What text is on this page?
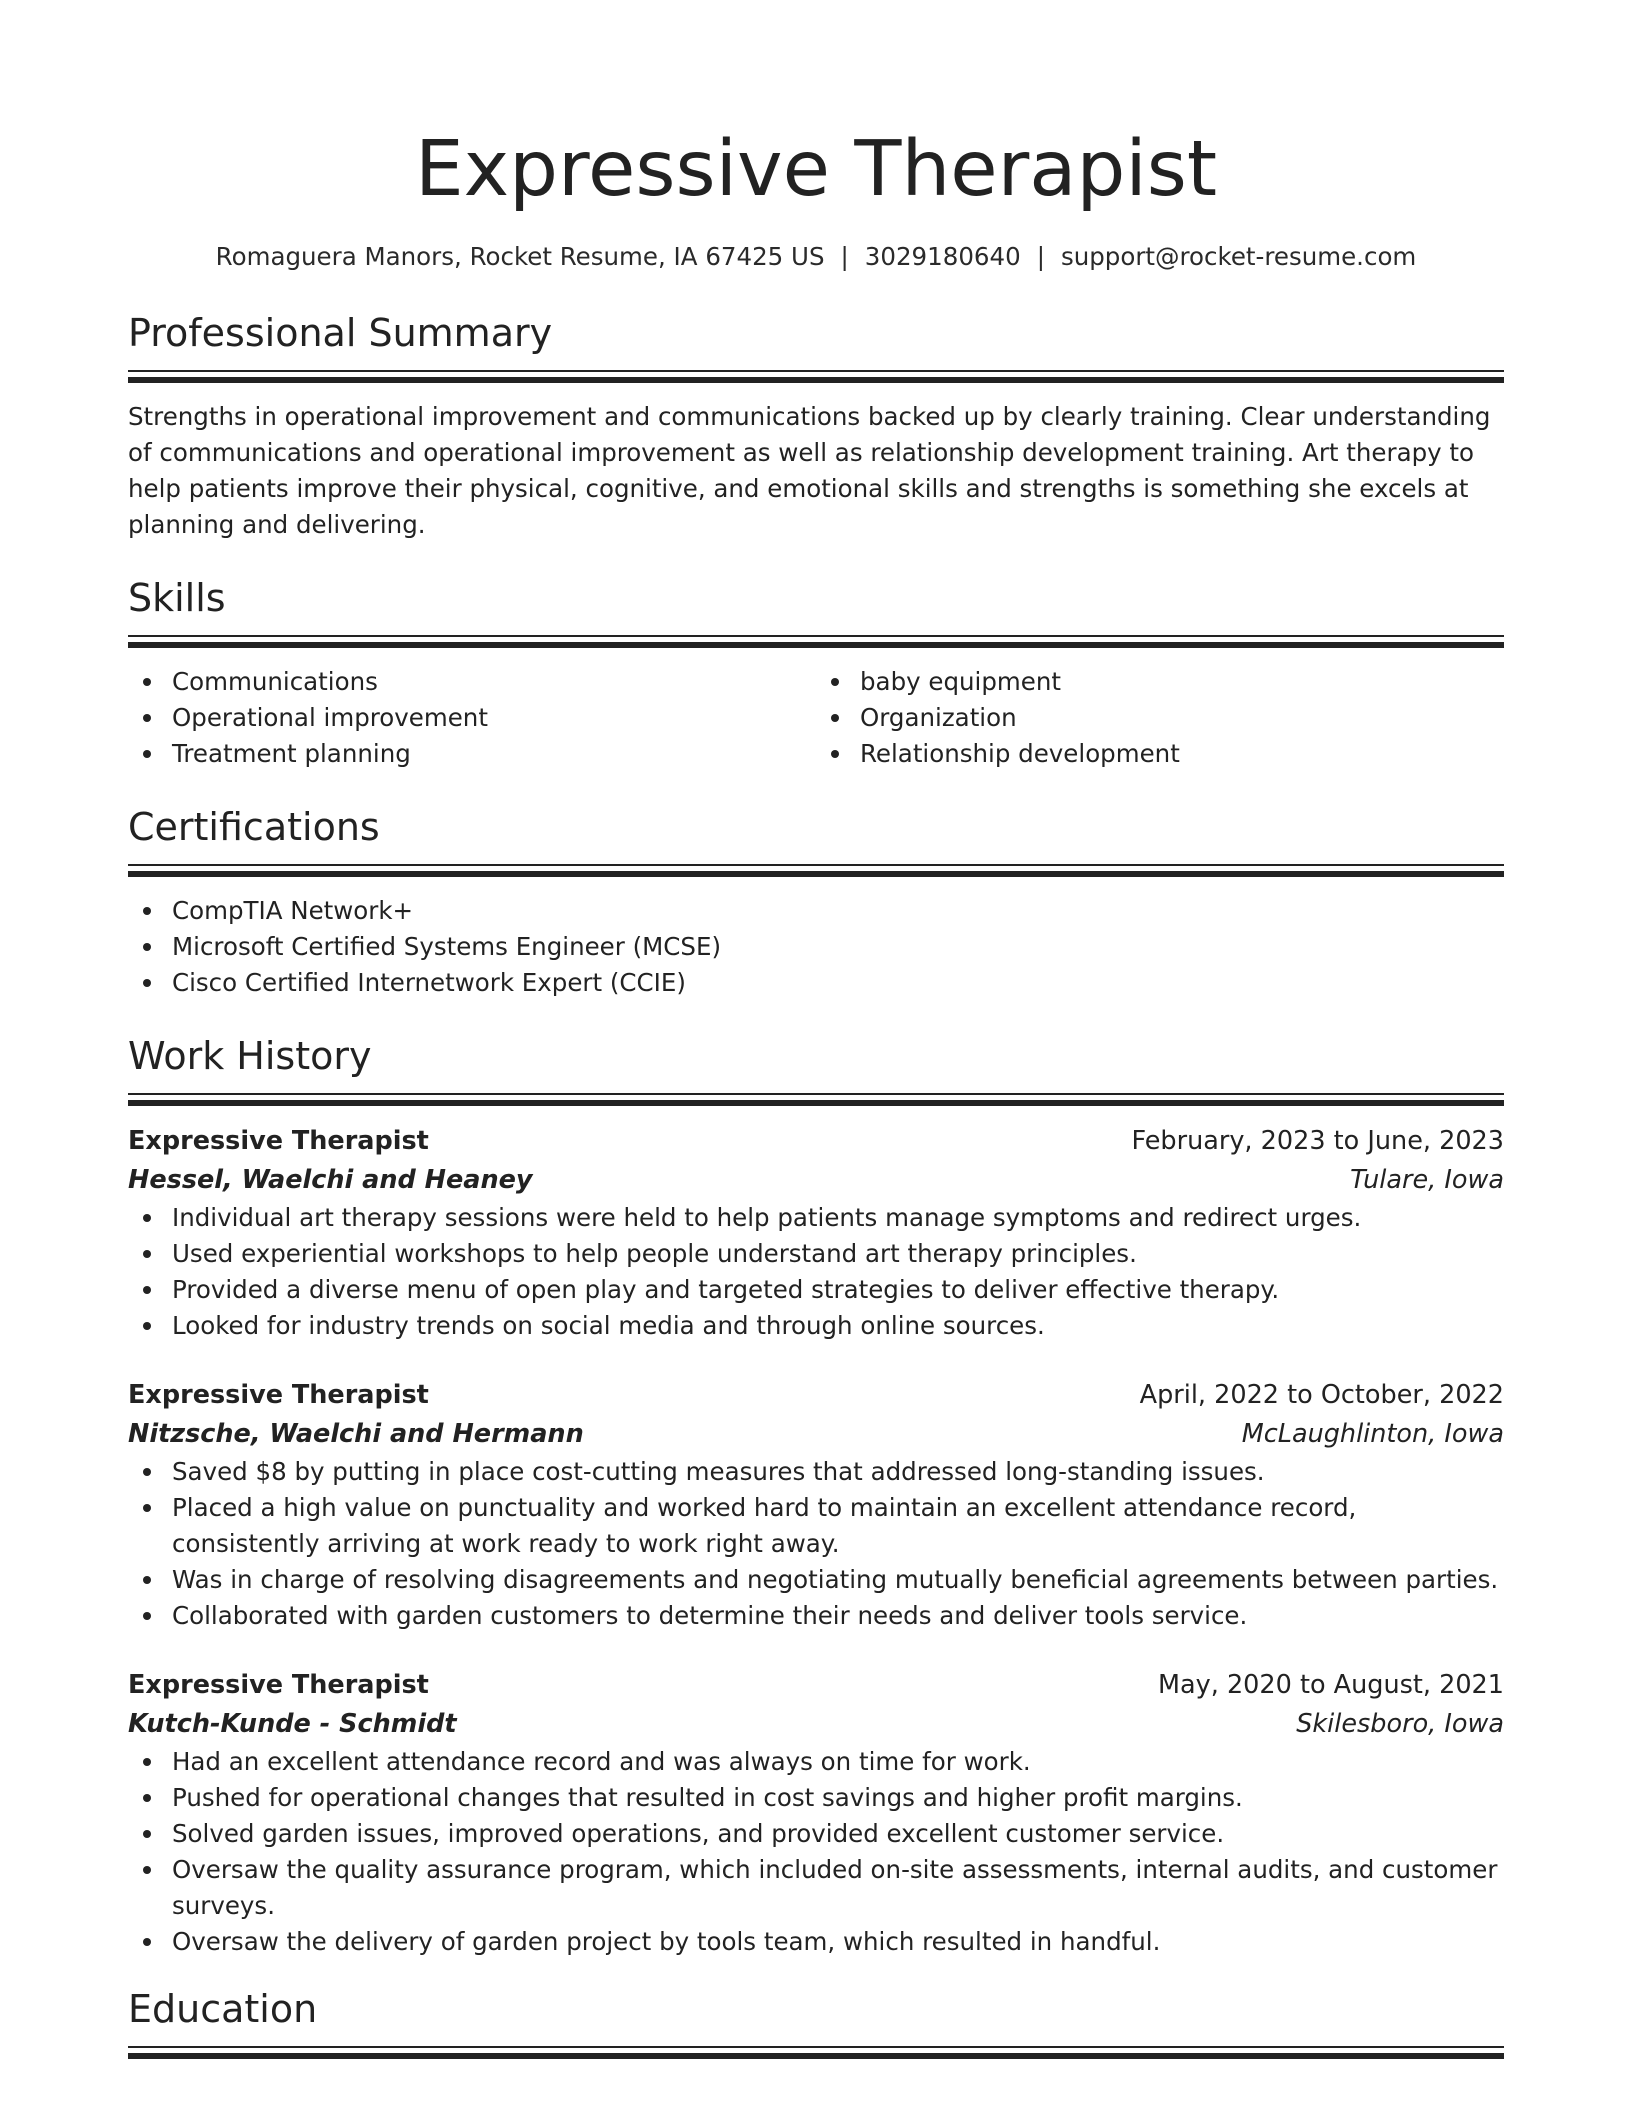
Expressive Therapist
Romaguera Manors, Rocket Resume, IA 67425 US | 3029180640 | support@rocket-resume.com
Professional Summary

Strengths in operational improvement and communications backed up by clearly training. Clear understanding of communications and operational improvement as well as relationship development training. Art therapy to help patients improve their physical, cognitive, and emotional skills and strengths is something she excels at planning and delivering.

Skills
Communications
Operational improvement
Treatment planning
baby equipment
Organization
Relationship development
Certifications
CompTIA Network+
Microsoft Certified Systems Engineer (MCSE)
Cisco Certified Internetwork Expert (CCIE)
Work History
Expressive Therapist	February, 2023 to June, 2023
Hessel, Waelchi and Heaney	Tulare, Iowa
Individual art therapy sessions were held to help patients manage symptoms and redirect urges.
Used experiential workshops to help people understand art therapy principles.
Provided a diverse menu of open play and targeted strategies to deliver effective therapy.
Looked for industry trends on social media and through online sources.
Expressive Therapist	April, 2022 to October, 2022
Nitzsche, Waelchi and Hermann	McLaughlinton, Iowa
Saved $8 by putting in place cost-cutting measures that addressed long-standing issues.
Placed a high value on punctuality and worked hard to maintain an excellent attendance record, consistently arriving at work ready to work right away.
Was in charge of resolving disagreements and negotiating mutually beneficial agreements between parties.
Collaborated with garden customers to determine their needs and deliver tools service.
Expressive Therapist	May, 2020 to August, 2021
Kutch-Kunde - Schmidt	Skilesboro, Iowa
Had an excellent attendance record and was always on time for work.
Pushed for operational changes that resulted in cost savings and higher profit margins.
Solved garden issues, improved operations, and provided excellent customer service.
Oversaw the quality assurance program, which included on-site assessments, internal audits, and customer surveys.
Oversaw the delivery of garden project by tools team, which resulted in handful.
Education
